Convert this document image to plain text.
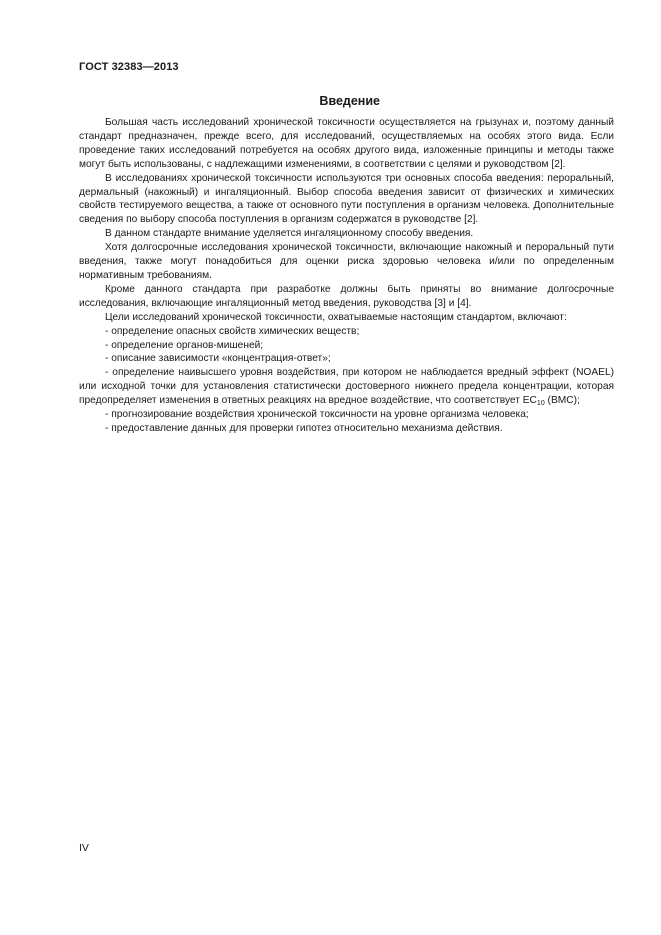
ГОСТ 32383—2013
Введение

Большая часть исследований хронической токсичности осуществляется на грызунах и, поэтому данный стандарт предназначен, прежде всего, для исследований, осуществляемых на особях этого вида. Если проведение таких исследований потребуется на особях другого вида, изложенные принципы и методы также могут быть использованы, с надлежащими изменениями, в соответствии с целями и руководством [2].

В исследованиях хронической токсичности используются три основных способа введения: пероральный, дермальный (накожный) и ингаляционный. Выбор способа введения зависит от физических и химических свойств тестируемого вещества, а также от основного пути поступления в организм человека. Дополнительные сведения по выбору способа поступления в организм содержатся в руководстве [2].

В данном стандарте внимание уделяется ингаляционному способу введения.

Хотя долгосрочные исследования хронической токсичности, включающие накожный и пероральный пути введения, также могут понадобиться для оценки риска здоровью человека и/или по определенным нормативным требованиям.

Кроме данного стандарта при разработке должны быть приняты во внимание долгосрочные исследования, включающие ингаляционный метод введения, руководства [3] и [4].

Цели исследований хронической токсичности, охватываемые настоящим стандартом, включают:

- определение опасных свойств химических веществ;

- определение органов-мишеней;

- описание зависимости «концентрация-ответ»;

- определение наивысшего уровня воздействия, при котором не наблюдается вредный эффект (NOAEL) или исходной точки для установления статистически достоверного нижнего предела концентрации, которая предопределяет изменения в ответных реакциях на вредное воздействие, что соответствует $EC_{10}$ (BMC);

- прогнозирование воздействия хронической токсичности на уровне организма человека;

- предоставление данных для проверки гипотез относительно механизма действия.

IV
